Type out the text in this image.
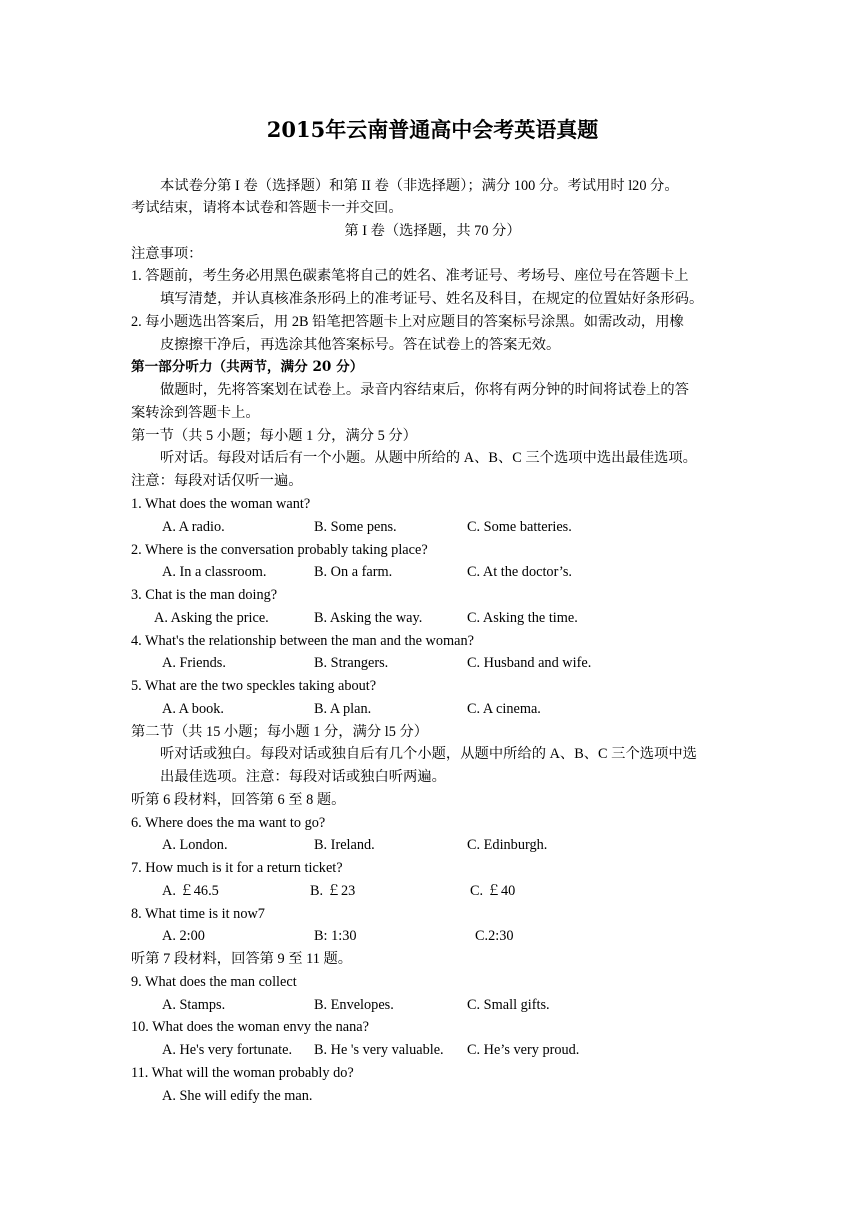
2015年云南普通高中会考英语真题
本试卷分第 I 卷（选择题）和第 II 卷（非选择题）；满分 100 分。考试用时 l20 分。
考试结束，请将本试卷和答题卡一并交回。
第 I 卷（选择题，共 70 分）
注意事项：
1. 答题前，考生务必用黑色碳素笔将自己的姓名、准考证号、考场号、座位号在答题卡上
填写清楚，并认真核准条形码上的准考证号、姓名及科目，在规定的位置姑好条形码。
2. 每小题选出答案后，用 2B 铅笔把答题卡上对应题目的答案标号涂黑。如需改动，用橡
皮擦擦干净后，再选涂其他答案标号。答在试卷上的答案无效。
第一部分听力（共两节，满分 20 分）
做题时，先将答案划在试卷上。录音内容结束后，你将有两分钟的时间将试卷上的答
案转涂到答题卡上。
第一节（共 5 小题；每小题 1 分，满分 5 分）
听对话。每段对话后有一个小题。从题中所给的 A、B、C 三个选项中选出最佳选项。
注意：每段对话仅听一遍。
1. What does the woman want?
A. A radio.	B. Some pens.	C. Some batteries.
2. Where is the conversation probably taking place?
A. In a classroom.	B. On a farm.	C. At the doctor’s.
3. Chat is the man doing?
A. Asking the price.	B. Asking the way.	C. Asking the time.
4. What's the relationship between the man and the woman?
A. Friends.	B. Strangers.	C. Husband and wife.
5. What are the two speckles taking about?
A. A book.	B. A plan.	C. A cinema.
第二节（共 15 小题；每小题 1 分，满分 l5 分）
听对话或独白。每段对话或独自后有几个小题，从题中所给的 A、B、C 三个选项中选
出最佳选项。注意：每段对话或独白听两遍。
听第 6 段材料，回答第 6 至 8 题。
6. Where does the ma want to go?
A. London.	B. Ireland.	C. Edinburgh.
7. How much is it for a return ticket?
A. ￡46.5	B. ￡23	C. ￡40
8. What time is it now7
A. 2:00	B: 1:30	C.2:30
听第 7 段材料，回答第 9 至 11 题。
9. What does the man collect
A. Stamps.	B. Envelopes.	C. Small gifts.
10. What does the woman envy the nana?
A. He's very fortunate. B. He 's very valuable. C. He’s very proud.
11. What will the woman probably do?
A. She will edify the man.
